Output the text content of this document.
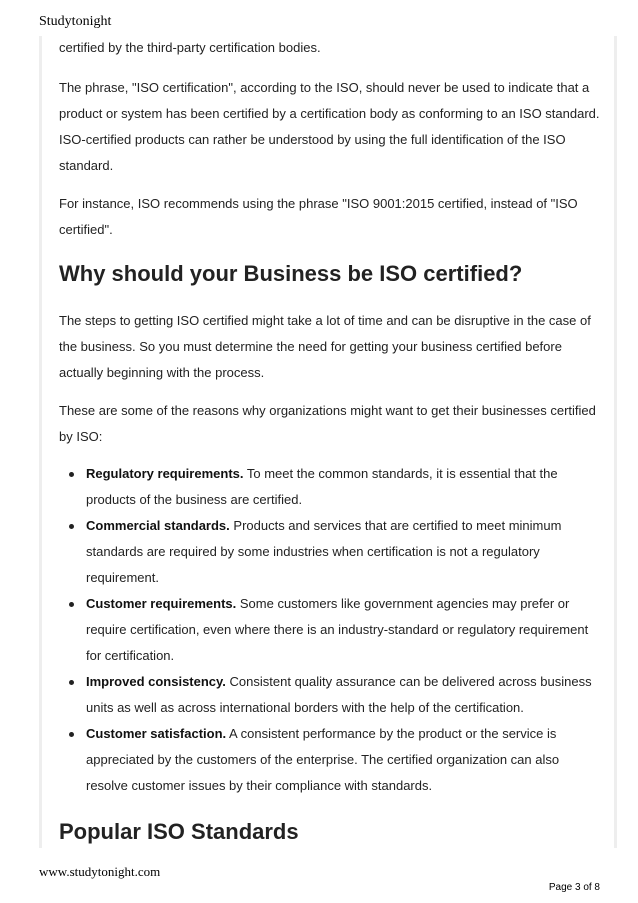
Studytonight

certified by the third-party certification bodies.

The phrase, "ISO certification", according to the ISO, should never be used to indicate that a product or system has been certified by a certification body as conforming to an ISO standard. ISO-certified products can rather be understood by using the full identification of the ISO standard.

For instance, ISO recommends using the phrase "ISO 9001:2015 certified, instead of "ISO certified".

Why should your Business be ISO certified?

The steps to getting ISO certified might take a lot of time and can be disruptive in the case of the business. So you must determine the need for getting your business certified before actually beginning with the process.

These are some of the reasons why organizations might want to get their businesses certified by ISO:

Regulatory requirements. To meet the common standards, it is essential that the products of the business are certified.
Commercial standards. Products and services that are certified to meet minimum standards are required by some industries when certification is not a regulatory requirement.
Customer requirements. Some customers like government agencies may prefer or require certification, even where there is an industry-standard or regulatory requirement for certification.
Improved consistency. Consistent quality assurance can be delivered across business units as well as across international borders with the help of the certification.
Customer satisfaction. A consistent performance by the product or the service is appreciated by the customers of the enterprise. The certified organization can also resolve customer issues by their compliance with standards.
Popular ISO Standards
www.studytonight.com
Page 3 of 8
